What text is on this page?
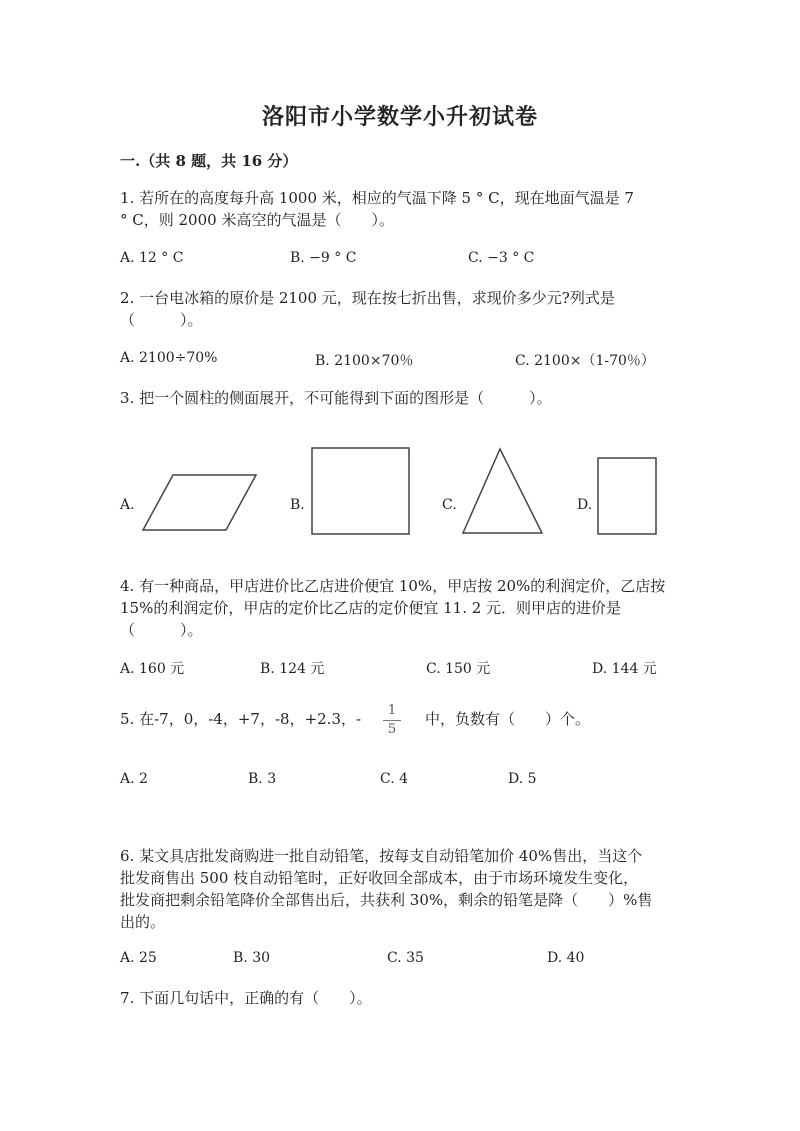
洛阳市小学数学小升初试卷
一.（共 8 题，共 16 分）
1. 若所在的高度每升高 1000 米，相应的气温下降 5 ° C，现在地面气温是 7
° C，则 2000 米高空的气温是（　　）。
A. 12 ° C	B. −9 ° C	C. −3 ° C
2. 一台电冰箱的原价是 2100 元，现在按七折出售，求现价多少元?列式是
（　　　）。
A. 2100÷70%	B. 2100×70％	C. 2100×（1-70％）
3. 把一个圆柱的侧面展开，不可能得到下面的图形是（　　　）。
A.	B.	C.	D.
4. 有一种商品，甲店进价比乙店进价便宜 10%，甲店按 20%的利润定价，乙店按
15%的利润定价，甲店的定价比乙店的定价便宜 11. 2 元．则甲店的进价是
（　　　）。
A. 160 元	B. 124 元	C. 150 元	D. 144 元
5. 在-7，0，-4，+7，-8，+2.3，-	1
5
中，负数有（　　）个。
A. 2	B. 3	C. 4	D. 5
6. 某文具店批发商购进一批自动铅笔，按每支自动铅笔加价 40%售出，当这个
批发商售出 500 枝自动铅笔时，正好收回全部成本，由于市场环境发生变化，
批发商把剩余铅笔降价全部售出后，共获利 30%，剩余的铅笔是降（　　）%售
出的。
A. 25	B. 30	C. 35	D. 40
7. 下面几句话中，正确的有（　　）。
